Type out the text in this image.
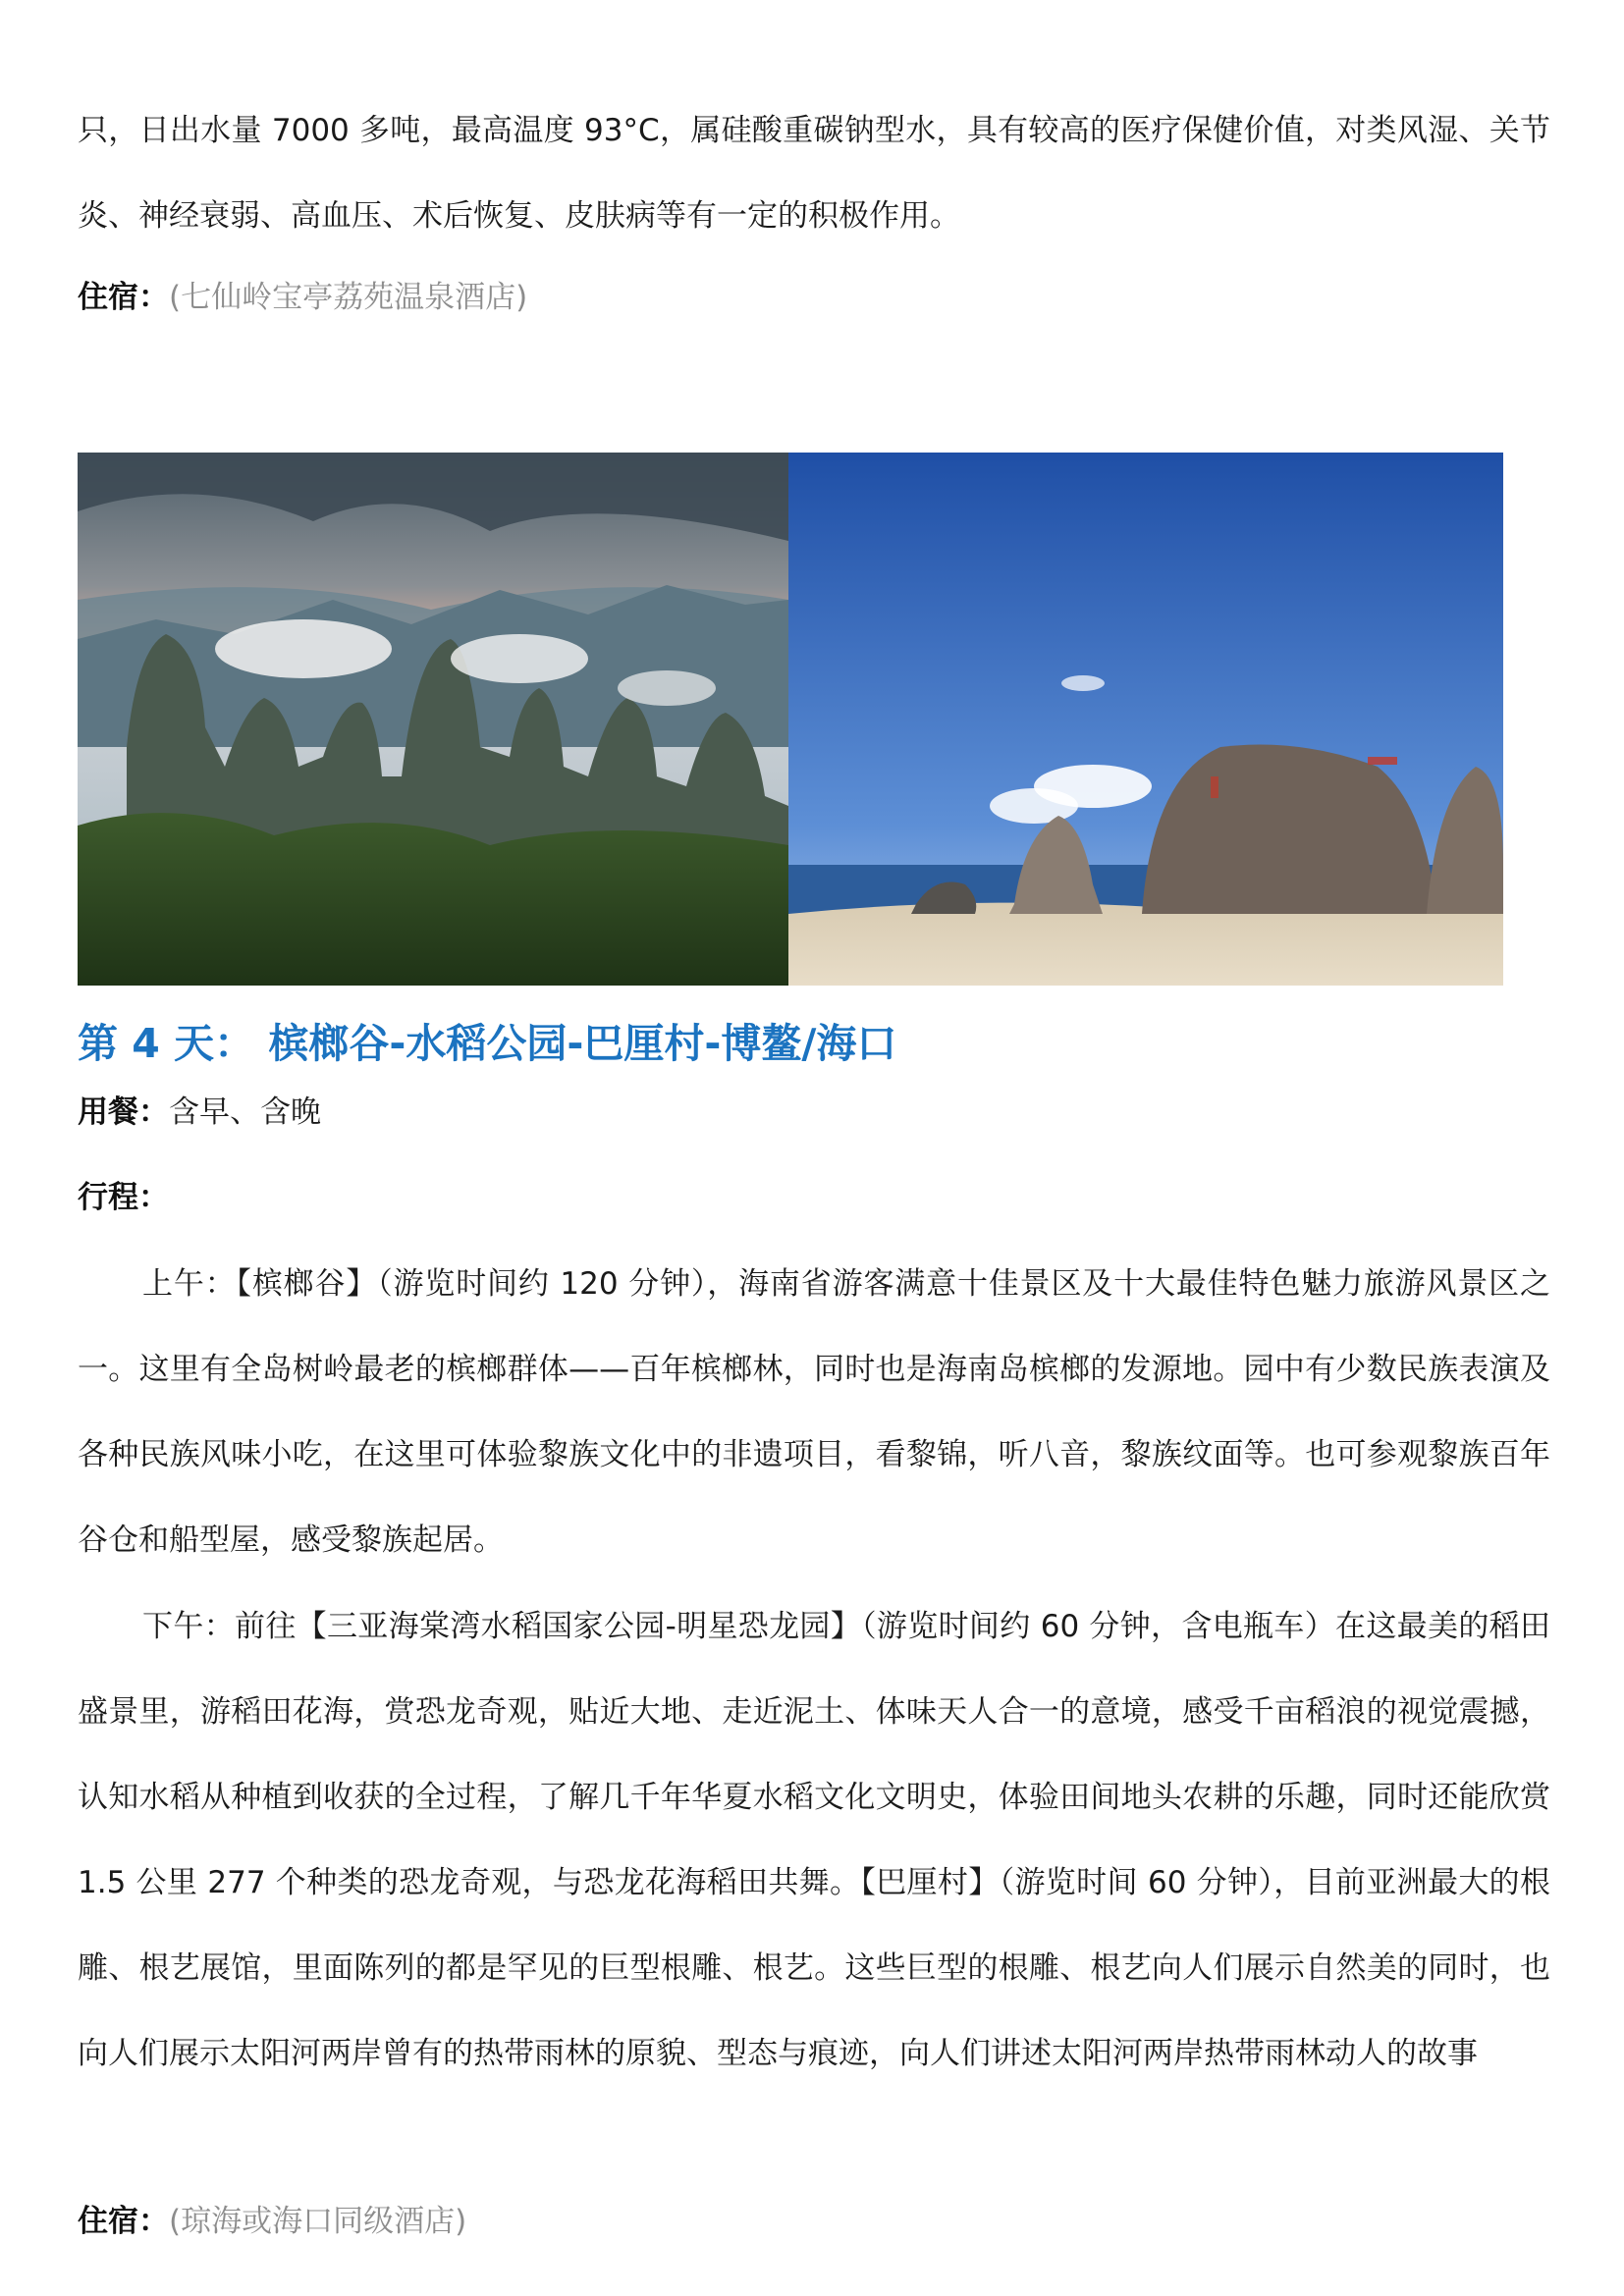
只，日出水量 7000 多吨，最高温度 93°C，属硅酸重碳钠型水，具有较高的医疗保健价值，对类风湿、关节炎、神经衰弱、高血压、术后恢复、皮肤病等有一定的积极作用。

住宿：(七仙岭宝亭荔苑温泉酒店)
第 4 天： 槟榔谷-水稻公园-巴厘村-博鳌/海口
用餐：含早、含晚
行程：

上午：【槟榔谷】（游览时间约 120 分钟），海南省游客满意十佳景区及十大最佳特色魅力旅游风景区之一。这里有全岛树岭最老的槟榔群体——百年槟榔林，同时也是海南岛槟榔的发源地。园中有少数民族表演及各种民族风味小吃，在这里可体验黎族文化中的非遗项目，看黎锦，听八音，黎族纹面等。也可参观黎族百年谷仓和船型屋，感受黎族起居。

下午：前往【三亚海棠湾水稻国家公园-明星恐龙园】（游览时间约 60 分钟，含电瓶车）在这最美的稻田盛景里，游稻田花海，赏恐龙奇观，贴近大地、走近泥土、体味天人合一的意境，感受千亩稻浪的视觉震撼，认知水稻从种植到收获的全过程，了解几千年华夏水稻文化文明史，体验田间地头农耕的乐趣，同时还能欣赏 1.5 公里 277 个种类的恐龙奇观，与恐龙花海稻田共舞。【巴厘村】（游览时间 60 分钟），目前亚洲最大的根雕、根艺展馆，里面陈列的都是罕见的巨型根雕、根艺。这些巨型的根雕、根艺向人们展示自然美的同时，也向人们展示太阳河两岸曾有的热带雨林的原貌、型态与痕迹，向人们讲述太阳河两岸热带雨林动人的故事

住宿：(琼海或海口同级酒店)
